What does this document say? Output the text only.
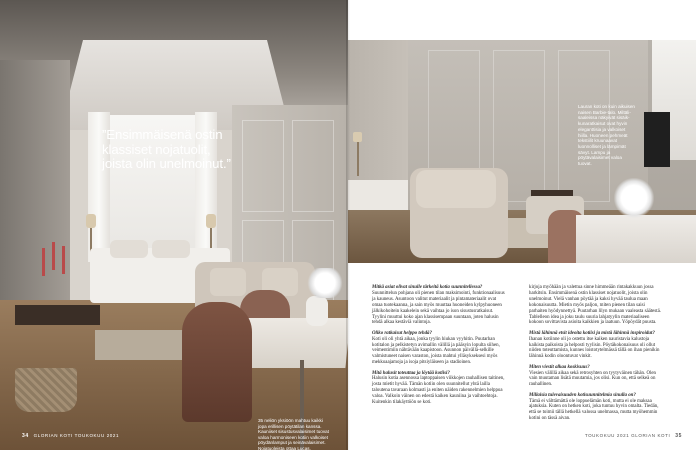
”Ensimmäisenä ostin klassiset nojatuolit, joista olin unelmoinut.”
35 neliön yksiöön mahtuu kaikki jopa erillisen pöytätilan kanssa. Kauniiset sisustusvalaisimet tuovat valoa harmoniseen kotiin valkoiset pöydänlamput ja seinävalaisimet. Nojatuoleista ottaa Lucas.
34 GLORIAN KOTI TOUKOKUU 2021
Lauran koti on kuin aikuisen naisen Barbie-talo. Miltälisaaleissa näkyivät sisäikkunaratkaisut ovat hyvin eleganttisia ja valkoiset hiilla. Huoneen pehmeät tekstiilit kruunaavat luonnolliset ja lämpimät sävyt. Lampu ja pöytävalaisimet valoa tuovat.

Mitkä asiat olivat sinulle tärkeitä kotia suunnitellessa?

Suunnittelun pohjana oli pienen tilan maksimointi, funktionaalisuus ja kauneus. Asuntoon valitut materiaalit ja pintamateriaalit ovat omaa tuotekaanna, ja sain myös muuttaa huoneiden kylpyhuoneen jälkikohoitein kaakelein sekä vaihtaa jo ison sisustusratkaisut. Tyylini muuttui koko ajan klassisempaan suuntaan, joten halusin tehdä alkaa kestäviä valintoja.

Oliko ratkaisut helppo tehdä?

Koti oli oli yhtä aikaa, jonka tyylin hiukan vyyhitin. Puutarhan kotitalon ja pelkistetyn avimallin välillä ja pääsyin lopulta siihen, veimentimiin nähtävään kaapistoon. Asunnon päivällä-selkille valmistuneet naisen varaston, joista mahtui ylläsykseksesi myös mekkoaajamoja ja isoja pitsiyläiseen ja stadioinen.

Mitä halusit toteuttaa ja löytää kotiisi?

Halusin kotia asennossa laptoppaisen viikkojen rauhallisen taitinen, josta mietit hyvää. Tämän kotiin olen suunnitellut yhtä lailla taloutena tavaraan kolmasti ja eniten näiden rakennelmien helppoa valoa. Valkoin väinen on edestä kaiken kauniina ja vaihtoehtoja. Kuitenkin tilakäyttöön se koti.

kirjoja myöhään ja valettua sinne himmeään rintakakkuun jossa harkitsin. Ensimmäisenä ostin klassiset nojatuolit, joista olin unelmoinut. Vielä vanhan pöytää ja kaksi hyvää taulua maan kokonaisuutta. Mietin myös paljon, miten pienen tilan saisi parhaiten hyödynnettyä. Puutarhan lilyn mukaan vaaleasta säätestä. Tablelleon idea ja joku taulu suuria lahjatyylin materiaaliseen kokoon sovittavista asioita kaikkien ja laatuun. Yöpöydät puusta.

Mistä lähinnä etsit ideoita kotiisi ja mistä lähinnä inspiroidut?

Ihanan kotiinne oli jo ostettu itse kaiken nauristavia kalustoja kaikista paikoista ja helposti tyylisin. Pöytäkokonaisuus oli ollut niiden toteuttamista, kunnes loistotytelmässä tällä on ihan pienikin lähinnä kodin oloontuvat vinkit.

Miten viestit alkaa koskisuus?

Viesien välillä aikaa sekä retrosyhten on tyytyväinen tähän. Olen vain muutaman lisätä muutamia, jos olisi. Kun on, että selkeä on rauhallinen.

Millaisia tulevaisuuden kotisuunnitelmia sinulla on?

Tämä ei välttämättä ole loppuelämän koti, mutta ei ole maksaa ajatuksia. Kuten on hetken koti, joka tuntuu hyvin omalta. Tiedän, että se toimii tällä hetkellä valossa unelmassa, mutta myöhemmin kotini on tässä aivan.

TOUKOKUU 2021 GLORIAN KOTI 35
